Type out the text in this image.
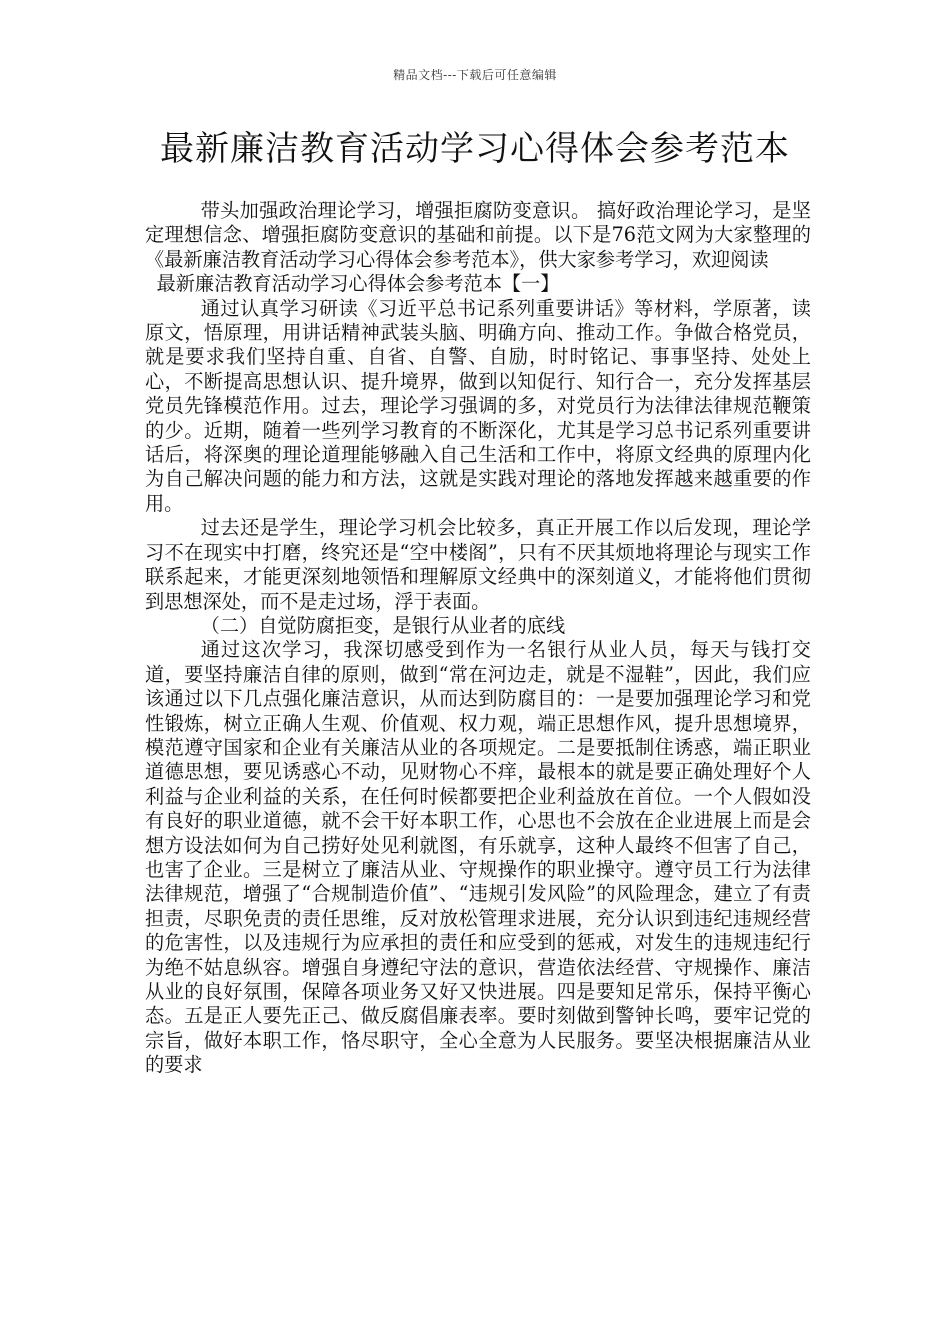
精品文档---下载后可任意编辑
最新廉洁教育活动学习心得体会参考范本

带头加强政治理论学习，增强拒腐防变意识。 搞好政治理论学习，是坚定理想信念、增强拒腐防变意识的基础和前提。以下是76范文网为大家整理的《最新廉洁教育活动学习心得体会参考范本》，供大家参考学习，欢迎阅读

最新廉洁教育活动学习心得体会参考范本【一】

通过认真学习研读《习近平总书记系列重要讲话》等材料，学原著，读原文，悟原理，用讲话精神武装头脑、明确方向、推动工作。争做合格党员，就是要求我们坚持自重、自省、自警、自励，时时铭记、事事坚持、处处上心，不断提高思想认识、提升境界，做到以知促行、知行合一，充分发挥基层党员先锋模范作用。过去，理论学习强调的多，对党员行为法律法律规范鞭策的少。近期，随着一些列学习教育的不断深化，尤其是学习总书记系列重要讲话后，将深奥的理论道理能够融入自己生活和工作中，将原文经典的原理内化为自己解决问题的能力和方法，这就是实践对理论的落地发挥越来越重要的作用。

过去还是学生，理论学习机会比较多，真正开展工作以后发现，理论学习不在现实中打磨，终究还是“空中楼阁”，只有不厌其烦地将理论与现实工作联系起来，才能更深刻地领悟和理解原文经典中的深刻道义，才能将他们贯彻到思想深处，而不是走过场，浮于表面。

（二）自觉防腐拒变，是银行从业者的底线

通过这次学习，我深切感受到作为一名银行从业人员，每天与钱打交道，要坚持廉洁自律的原则，做到“常在河边走，就是不湿鞋”，因此，我们应该通过以下几点强化廉洁意识，从而达到防腐目的：一是要加强理论学习和党性锻炼，树立正确人生观、价值观、权力观，端正思想作风，提升思想境界，模范遵守国家和企业有关廉洁从业的各项规定。二是要抵制住诱惑，端正职业道德思想，要见诱惑心不动，见财物心不痒，最根本的就是要正确处理好个人利益与企业利益的关系，在任何时候都要把企业利益放在首位。一个人假如没有良好的职业道德，就不会干好本职工作，心思也不会放在企业进展上而是会想方设法如何为自己捞好处见利就图，有乐就享，这种人最终不但害了自己，也害了企业。三是树立了廉洁从业、守规操作的职业操守。遵守员工行为法律法律规范，增强了“合规制造价值”、“违规引发风险”的风险理念，建立了有责担责，尽职免责的责任思维，反对放松管理求进展，充分认识到违纪违规经营的危害性，以及违规行为应承担的责任和应受到的惩戒，对发生的违规违纪行为绝不姑息纵容。增强自身遵纪守法的意识，营造依法经营、守规操作、廉洁从业的良好氛围，保障各项业务又好又快进展。四是要知足常乐，保持平衡心态。五是正人要先正己、做反腐倡廉表率。要时刻做到警钟长鸣，要牢记党的宗旨，做好本职工作，恪尽职守，全心全意为人民服务。要坚决根据廉洁从业的要求
